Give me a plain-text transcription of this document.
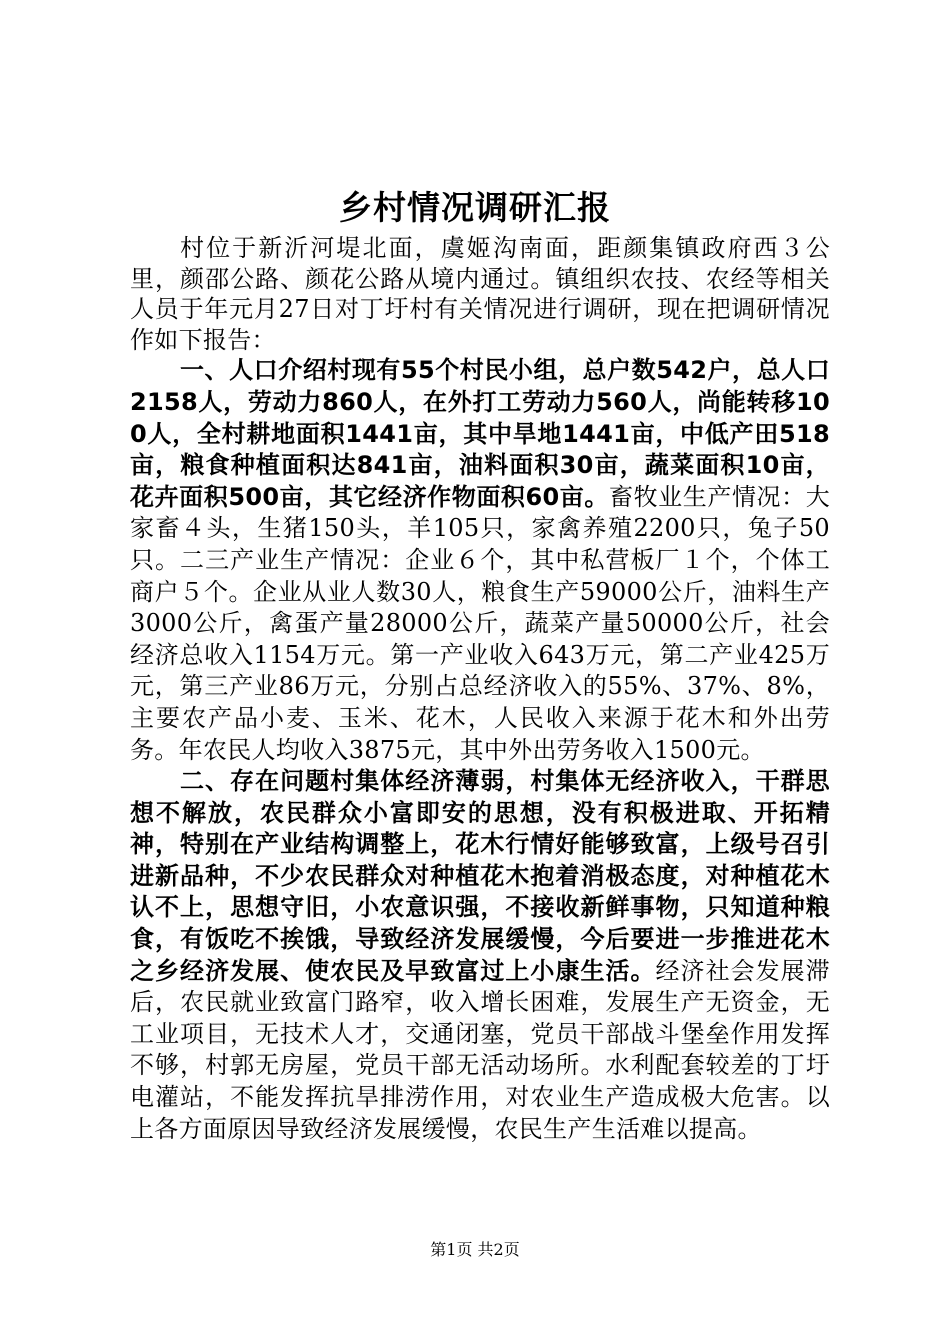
乡村情况调研汇报

村位于新沂河堤北面，虞姬沟南面，距颜集镇政府西３公里，颜邵公路、颜花公路从境内通过。镇组织农技、农经等相关人员于年元月27日对丁圩村有关情况进行调研，现在把调研情况作如下报告：

一、人口介绍村现有55个村民小组，总户数542户，总人口2158人，劳动力860人，在外打工劳动力560人，尚能转移100人，全村耕地面积1441亩，其中旱地1441亩，中低产田518亩，粮食种植面积达841亩，油料面积30亩，蔬菜面积10亩，花卉面积500亩，其它经济作物面积60亩。畜牧业生产情况：大家畜４头，生猪150头，羊105只，家禽养殖2200只，兔子50只。二三产业生产情况：企业６个，其中私营板厂１个，个体工商户５个。企业从业人数30人，粮食生产59000公斤，油料生产3000公斤，禽蛋产量28000公斤，蔬菜产量50000公斤，社会经济总收入1154万元。第一产业收入643万元，第二产业425万元，第三产业86万元，分别占总经济收入的55%、37%、8%，主要农产品小麦、玉米、花木，人民收入来源于花木和外出劳务。年农民人均收入3875元，其中外出劳务收入1500元。

二、存在问题村集体经济薄弱，村集体无经济收入，干群思想不解放，农民群众小富即安的思想，没有积极进取、开拓精神，特别在产业结构调整上，花木行情好能够致富，上级号召引进新品种，不少农民群众对种植花木抱着消极态度，对种植花木认不上，思想守旧，小农意识强，不接收新鲜事物，只知道种粮食，有饭吃不挨饿，导致经济发展缓慢，今后要进一步推进花木之乡经济发展、使农民及早致富过上小康生活。经济社会发展滞后，农民就业致富门路窄，收入增长困难，发展生产无资金，无工业项目，无技术人才，交通闭塞，党员干部战斗堡垒作用发挥不够，村郭无房屋，党员干部无活动场所。水利配套较差的丁圩电灌站，不能发挥抗旱排涝作用，对农业生产造成极大危害。以上各方面原因导致经济发展缓慢，农民生产生活难以提高。

第1页 共2页
